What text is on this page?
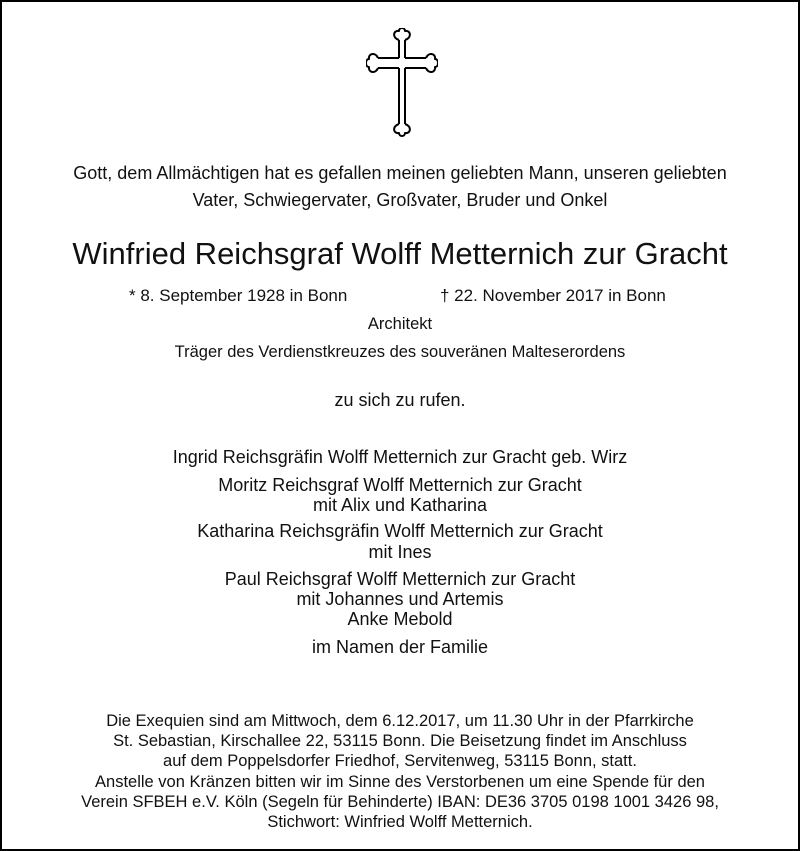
Gott, dem Allmächtigen hat es gefallen meinen geliebten Mann, unseren geliebten
Vater, Schwiegervater, Großvater, Bruder und Onkel
Winfried Reichsgraf Wolff Metternich zur Gracht
* 8. September 1928 in Bonn	† 22. November 2017 in Bonn
Architekt
Träger des Verdienstkreuzes des souveränen Malteserordens
zu sich zu rufen.
Ingrid Reichsgräfin Wolff Metternich zur Gracht geb. Wirz
Moritz Reichsgraf Wolff Metternich zur Gracht
mit Alix und Katharina
Katharina Reichsgräfin Wolff Metternich zur Gracht
mit Ines
Paul Reichsgraf Wolff Metternich zur Gracht
mit Johannes und Artemis
Anke Mebold
im Namen der Familie
Die Exequien sind am Mittwoch, dem 6.12.2017, um 11.30 Uhr in der Pfarrkirche
St. Sebastian, Kirschallee 22, 53115 Bonn. Die Beisetzung findet im Anschluss
auf dem Poppelsdorfer Friedhof, Servitenweg, 53115 Bonn, statt.
Anstelle von Kränzen bitten wir im Sinne des Verstorbenen um eine Spende für den
Verein SFBEH e.V. Köln (Segeln für Behinderte) IBAN: DE36 3705 0198 1001 3426 98,
Stichwort: Winfried Wolff Metternich.
